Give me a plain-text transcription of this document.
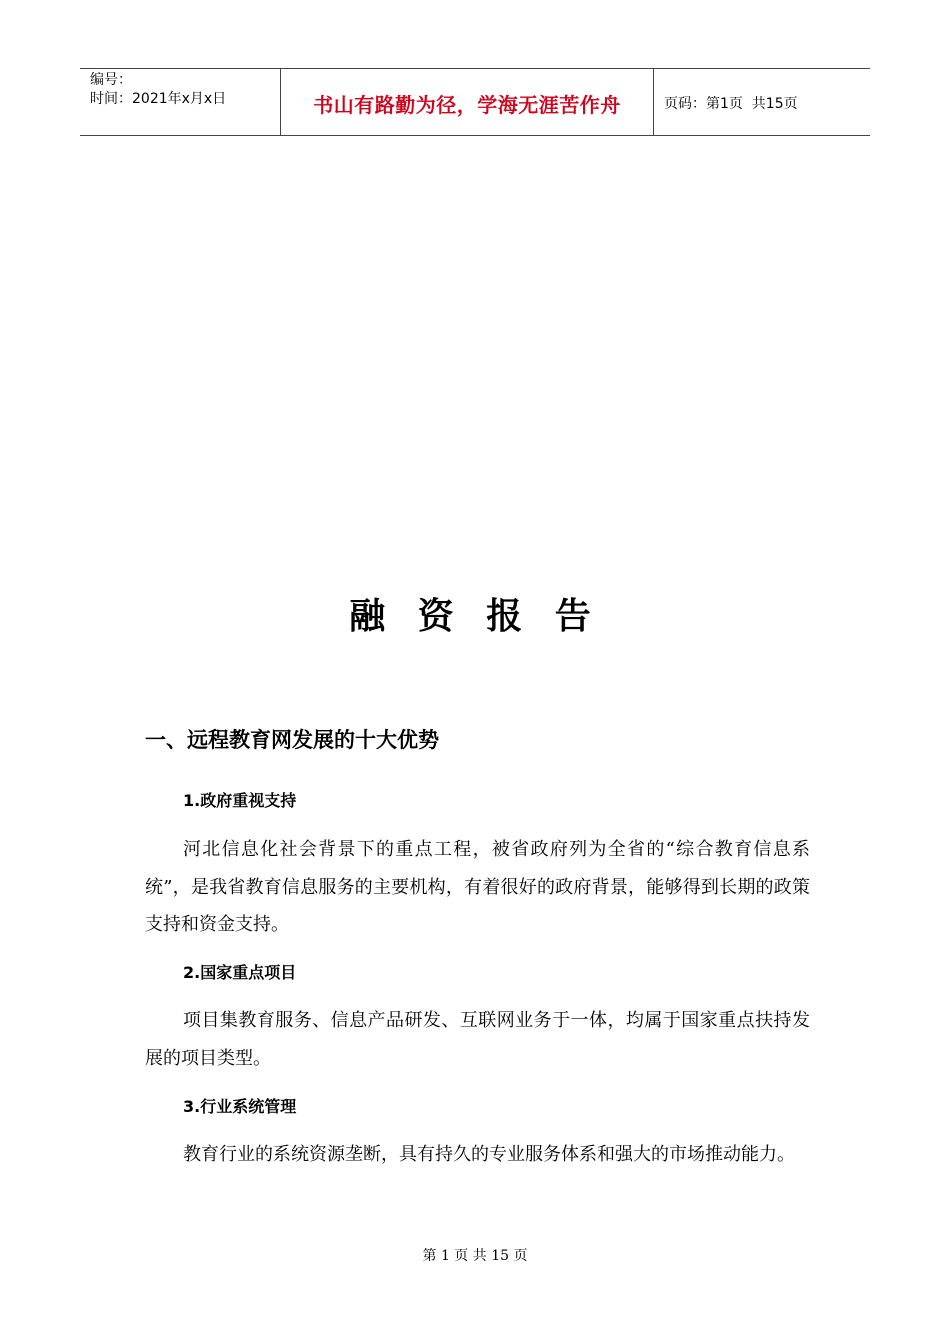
编号：
时间：2021年x月x日	书山有路勤为径，学海无涯苦作舟	页码：第1页  共15页
融 资 报 告
一、远程教育网发展的十大优势
1.政府重视支持
河北信息化社会背景下的重点工程，被省政府列为全省的“综合教育信息系统”，是我省教育信息服务的主要机构，有着很好的政府背景，能够得到长期的政策支持和资金支持。
2.国家重点项目
项目集教育服务、信息产品研发、互联网业务于一体，均属于国家重点扶持发展的项目类型。
3.行业系统管理
教育行业的系统资源垄断，具有持久的专业服务体系和强大的市场推动能力。
第 1 页 共 15 页
